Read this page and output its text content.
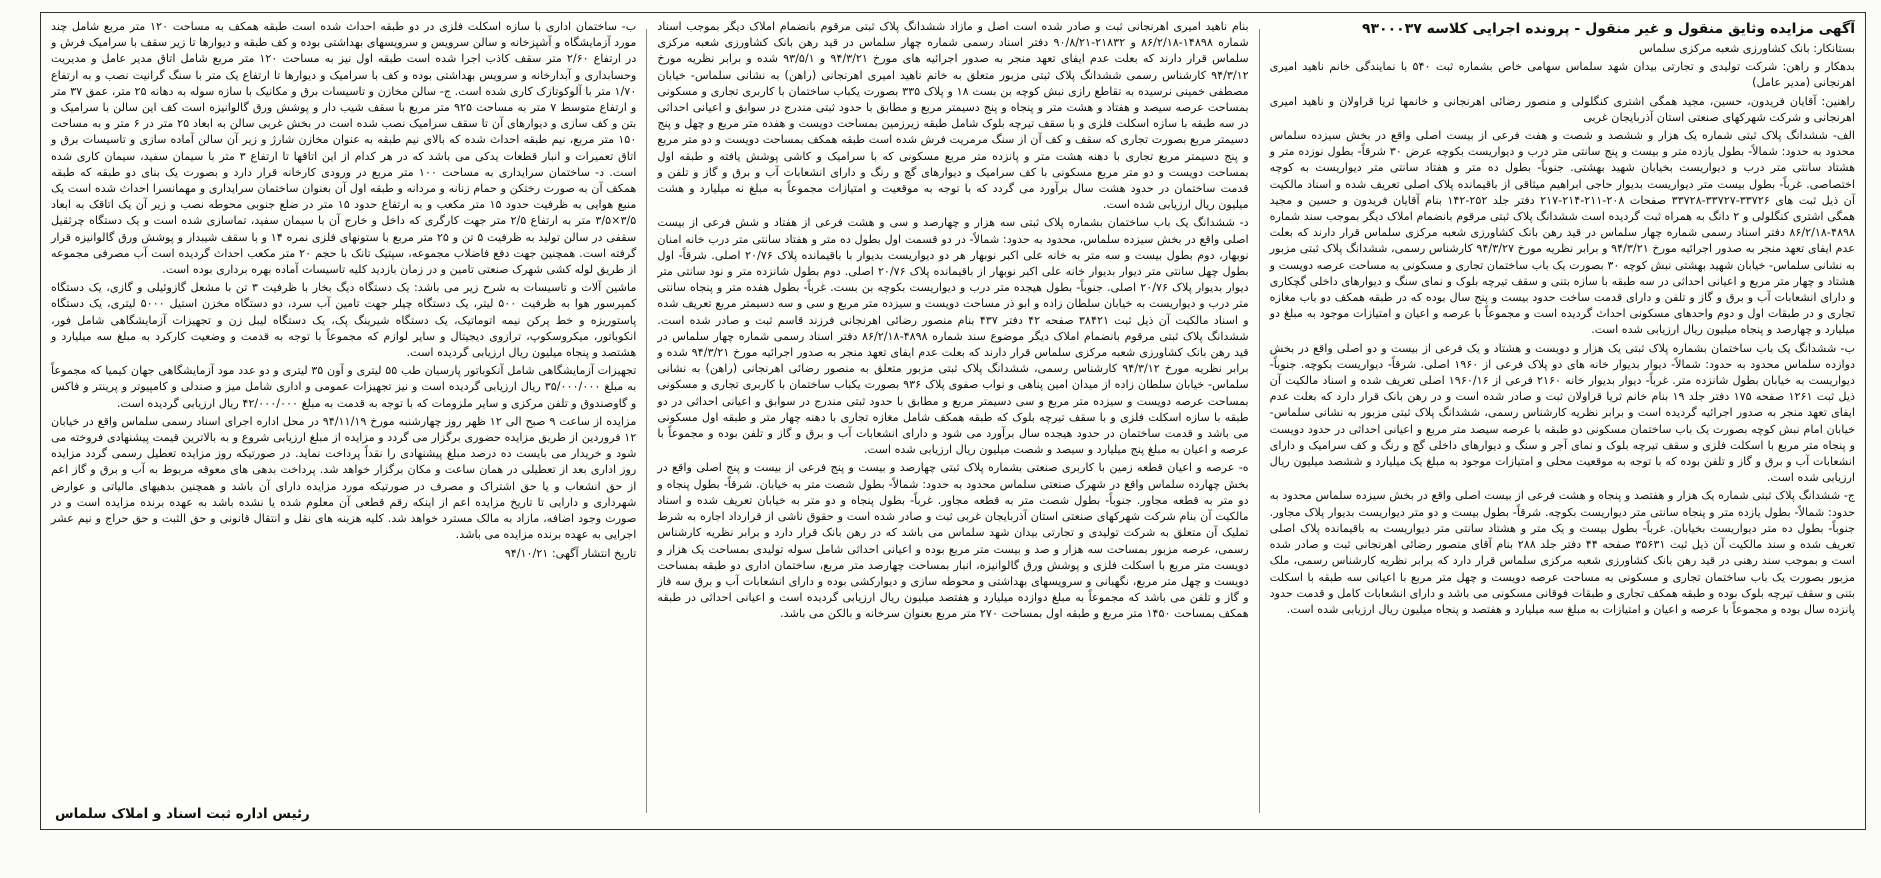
آگهی مزایده وثایق منقول و غیر منقول - پرونده اجرایی کلاسه ۹۳۰۰۰۳۷

بستانکار: بانک کشاورزی شعبه مرکزی سلماس

بدهکار و راهن: شرکت تولیدی و تجارتی بیدان شهد سلماس سهامی خاص بشماره ثبت ۵۴۰ با نمایندگی خانم ناهید امیری اهرنجانی (مدیر عامل)

راهنین: آقایان فریدون، حسین، مجید همگی اشتری کنگلولی و منصور رضائی اهرنجانی و خانمها ثریا قراولان و ناهید امیری اهرنجانی و شرکت شهرکهای صنعتی استان آذربایجان غربی

الف- ششدانگ پلاک ثبتی شماره یک هزار و ششصد و شصت و هفت فرعی از بیست اصلی واقع در بخش سیزده سلماس محدود به حدود: شمالاً- بطول یازده متر و بیست و پنج سانتی متر درب و دیواریست بکوچه عرض ۳۰ شرقاً- بطول نوزده متر و هشتاد سانتی متر درب و دیواریست بخیابان شهید بهشتی. جنوباً- بطول ده متر و هفتاد سانتی متر دیواریست به کوچه اختصاصی. غرباً- بطول بیست متر دیواریست بدیوار حاجی ابراهیم میثاقی از باقیمانده پلاک اصلی تعریف شده و اسناد مالکیت آن ذیل ثبت های ۳۳۷۲۶-۳۳۷۲۷-۳۳۷۲۸ صفحات ۲۰۸-۲۱۱-۲۱۴-۲۱۷ دفتر جلد ۲۵۲-۱۴۲ بنام آقایان فریدون و حسین و مجید همگی اشتری کنگلولی و ۲ دانگ به همراه ثبت گردیده است ششدانگ پلاک ثبتی مرقوم بانضمام املاک دیگر بموجب سند شماره ۴۸۹۸-۸۶/۲/۱۸ دفتر اسناد رسمی شماره چهار سلماس در قید رهن بانک کشاورزی شعبه مرکزی سلماس قرار دارند که بعلت عدم ایفای تعهد منجر به صدور اجرائیه مورخ ۹۴/۳/۲۱ و برابر نظریه مورخ ۹۴/۳/۲۷ کارشناس رسمی، ششدانگ پلاک ثبتی مزبور به نشانی سلماس- خیابان شهید بهشتی نبش کوچه ۳۰ بصورت یک باب ساختمان تجاری و مسکونی به مساحت عرصه دویست و هشتاد و چهار متر مربع و اعیانی احداثی در سه طبقه با سازه بتنی و سقف تیرچه بلوک و نمای سنگ و دیوارهای داخلی گچکاری و دارای انشعابات آب و برق و گاز و تلفن و دارای قدمت ساخت حدود بیست و پنج سال بوده که در طبقه همکف دو باب مغازه تجاری و در طبقات اول و دوم واحدهای مسکونی احداث گردیده است و مجموعاً با عرصه و اعیان و امتیازات موجود به مبلغ دو میلیارد و چهارصد و پنجاه میلیون ریال ارزیابی شده است.

ب- ششدانگ یک باب ساختمان بشماره پلاک ثبتی یک هزار و دویست و هشتاد و یک فرعی از بیست و دو اصلی واقع در بخش دوازده سلماس محدود به حدود: شمالاً- دیوار بدیوار خانه های دو پلاک فرعی از ۱۹۶۰ اصلی. شرقاً- دیواریست بکوچه. جنوباً- دیواریست به خیابان بطول شانزده متر. غرباً- دیوار بدیوار خانه ۲۱۶۰ فرعی از ۱۹۶۰/۱۶ اصلی تعریف شده و اسناد مالکیت آن ذیل ثبت ۱۲۶۱ صفحه ۱۷۵ دفتر جلد ۱۹ بنام خانم ثریا قراولان ثبت و صادر شده است و در رهن بانک قرار دارد که بعلت عدم ایفای تعهد منجر به صدور اجرائیه گردیده است و برابر نظریه کارشناس رسمی، ششدانگ پلاک ثبتی مزبور به نشانی سلماس- خیابان امام نبش کوچه بصورت یک باب ساختمان مسکونی دو طبقه با عرصه سیصد متر مربع و اعیانی احداثی در حدود دویست و پنجاه متر مربع با اسکلت فلزی و سقف تیرچه بلوک و نمای آجر و سنگ و دیوارهای داخلی گچ و رنگ و کف سرامیک و دارای انشعابات آب و برق و گاز و تلفن بوده که با توجه به موقعیت محلی و امتیازات موجود به مبلغ یک میلیارد و ششصد میلیون ریال ارزیابی شده است.

ج- ششدانگ پلاک ثبتی شماره یک هزار و هفتصد و پنجاه و هشت فرعی از بیست اصلی واقع در بخش سیزده سلماس محدود به حدود: شمالاً- بطول یازده متر و پنجاه سانتی متر دیواریست بکوچه. شرقاً- بطول بیست و دو متر دیواریست بدیوار پلاک مجاور. جنوباً- بطول ده متر دیواریست بخیابان. غرباً- بطول بیست و یک متر و هشتاد سانتی متر دیواریست به باقیمانده پلاک اصلی تعریف شده و سند مالکیت آن ذیل ثبت ۳۵۶۳۱ صفحه ۴۴ دفتر جلد ۲۸۸ بنام آقای منصور رضائی اهرنجانی ثبت و صادر شده است و بموجب سند رهنی در قید رهن بانک کشاورزی شعبه مرکزی سلماس قرار دارد که برابر نظریه کارشناس رسمی، ملک مزبور بصورت یک باب ساختمان تجاری و مسکونی به مساحت عرصه دویست و چهل متر مربع با اعیانی سه طبقه با اسکلت بتنی و سقف تیرچه بلوک بوده و طبقه همکف تجاری و طبقات فوقانی مسکونی می باشد و دارای انشعابات کامل و قدمت حدود پانزده سال بوده و مجموعاً با عرصه و اعیان و امتیازات به مبلغ سه میلیارد و هفتصد و پنجاه میلیون ریال ارزیابی شده است.

بنام ناهید امیری اهرنجانی ثبت و صادر شده است اصل و مازاد ششدانگ پلاک ثبتی مرقوم بانضمام املاک دیگر بموجب اسناد شماره ۱۴۸۹۸-۸۶/۲/۱۸ و ۲۱۸۳۲-۹۰/۸/۲۱ دفتر اسناد رسمی شماره چهار سلماس در قید رهن بانک کشاورزی شعبه مرکزی سلماس قرار دارند که بعلت عدم ایفای تعهد منجر به صدور اجرائیه های مورخ ۹۴/۳/۲۱ و ۹۳/۵/۱ شده و برابر نظریه مورخ ۹۴/۳/۱۲ کارشناس رسمی ششدانگ پلاک ثبتی مزبور متعلق به خانم ناهید امیری اهرنجانی (راهن) به نشانی سلماس- خیابان مصطفی خمینی نرسیده به تقاطع رازی نبش کوچه بن بست ۱۸ و پلاک ۳۳۵ بصورت یکباب ساختمان با کاربری تجاری و مسکونی بمساحت عرصه سیصد و هفتاد و هشت متر و پنجاه و پنج دسیمتر مربع و مطابق با حدود ثبتی مندرج در سوابق و اعیانی احداثی در سه طبقه با سازه اسکلت فلزی و با سقف تیرچه بلوک شامل طبقه زیرزمین بمساحت دویست و هفده متر مربع و چهل و پنج دسیمتر مربع بصورت تجاری که سقف و کف آن از سنگ مرمریت فرش شده است طبقه همکف بمساحت دویست و دو متر مربع و پنج دسیمتر مربع تجاری با دهنه هشت متر و پانزده متر مربع مسکونی که با سرامیک و کاشی پوشش یافته و طبقه اول بمساحت دویست و دو متر مربع مسکونی با کف سرامیک و دیوارهای گچ و رنگ و دارای انشعابات آب و برق و گاز و تلفن و قدمت ساختمان در حدود هشت سال برآورد می گردد که با توجه به موقعیت و امتیازات مجموعاً به مبلغ نه میلیارد و هشت میلیون ریال ارزیابی شده است.

د- ششدانگ یک باب ساختمان بشماره پلاک ثبتی سه هزار و چهارصد و سی و هشت فرعی از هفتاد و شش فرعی از بیست اصلی واقع در بخش سیزده سلماس، محدود به حدود: شمالاً- در دو قسمت اول بطول ده متر و هفتاد سانتی متر درب خانه امنان نوبهار، دوم بطول بیست و سه متر به خانه علی اکبر نوبهار هر دو دیواریست بدیوار با باقیمانده پلاک ۲۰/۷۶ اصلی. شرقاً- اول بطول چهل سانتی متر دیوار بدیوار خانه علی اکبر نوبهار از باقیمانده پلاک ۲۰/۷۶ اصلی. دوم بطول شانزده متر و نود سانتی متر دیوار بدیوار پلاک ۲۰/۷۶ اصلی. جنوباً- بطول هیجده متر درب و دیواریست بکوچه بن بست. غرباً- بطول هفده متر و پنجاه سانتی متر درب و دیواریست به خیابان سلطان زاده و ابو ذر مساحت دویست و سیزده متر مربع و سی و سه دسیمتر مربع تعریف شده و اسناد مالکیت آن ذیل ثبت ۳۸۴۲۱ صفحه ۴۲ دفتر ۴۳۷ بنام منصور رضائی اهرنجانی فرزند قاسم ثبت و صادر شده است. ششدانگ پلاک ثبتی مرقوم بانضمام املاک دیگر موضوع سند شماره ۴۸۹۸-۸۶/۲/۱۸ دفتر اسناد رسمی شماره چهار سلماس در قید رهن بانک کشاورزی شعبه مرکزی سلماس قرار دارند که بعلت عدم ایفای تعهد منجر به صدور اجرائیه مورخ ۹۴/۳/۲۱ شده و برابر نظریه مورخ ۹۴/۳/۱۲ کارشناس رسمی، ششدانگ پلاک ثبتی مزبور متعلق به منصور رضائی اهرنجانی (راهن) به نشانی سلماس- خیابان سلطان زاده از میدان امین پناهی و نواب صفوی پلاک ۹۳۶ بصورت یکباب ساختمان با کاربری تجاری و مسکونی بمساحت عرصه دویست و سیزده متر مربع و سی دسیمتر مربع و مطابق با حدود ثبتی مندرج در سوابق و اعیانی احداثی در دو طبقه با سازه اسکلت فلزی و با سقف تیرچه بلوک که طبقه همکف شامل مغازه تجاری با دهنه چهار متر و طبقه اول مسکونی می باشد و قدمت ساختمان در حدود هیجده سال برآورد می شود و دارای انشعابات آب و برق و گاز و تلفن بوده و مجموعاً با عرصه و اعیان به مبلغ پنج میلیارد و سیصد و شصت میلیون ریال ارزیابی شده است.

ه- عرصه و اعیان قطعه زمین با کاربری صنعتی بشماره پلاک ثبتی چهارصد و بیست و پنج فرعی از بیست و پنج اصلی واقع در بخش چهارده سلماس واقع در شهرک صنعتی سلماس محدود به حدود: شمالاً- بطول شصت متر به خیابان. شرقاً- بطول پنجاه و دو متر به قطعه مجاور. جنوباً- بطول شصت متر به قطعه مجاور. غرباً- بطول پنجاه و دو متر به خیابان تعریف شده و اسناد مالکیت آن بنام شرکت شهرکهای صنعتی استان آذربایجان غربی ثبت و صادر شده است و حقوق ناشی از قرارداد اجاره به شرط تملیک آن متعلق به شرکت تولیدی و تجارتی بیدان شهد سلماس می باشد که در رهن بانک قرار دارد و برابر نظریه کارشناس رسمی، عرصه مزبور بمساحت سه هزار و صد و بیست متر مربع بوده و اعیانی احداثی شامل سوله تولیدی بمساحت یک هزار و دویست متر مربع با اسکلت فلزی و پوشش ورق گالوانیزه، انبار بمساحت چهارصد متر مربع، ساختمان اداری دو طبقه بمساحت دویست و چهل متر مربع، نگهبانی و سرویسهای بهداشتی و محوطه سازی و دیوارکشی بوده و دارای انشعابات آب و برق سه فاز و گاز و تلفن می باشد که مجموعاً به مبلغ دوازده میلیارد و هفتصد میلیون ریال ارزیابی گردیده است و اعیانی احداثی در طبقه همکف بمساحت ۱۴۵۰ متر مربع و طبقه اول بمساحت ۲۷۰ متر مربع بعنوان سرخانه و بالکن می باشد.

ب- ساختمان اداری با سازه اسکلت فلزی در دو طبقه احداث شده است طبقه همکف به مساحت ۱۲۰ متر مربع شامل چند مورد آزمایشگاه و آشپزخانه و سالن سرویس و سرویسهای بهداشتی بوده و کف طبقه و دیوارها تا زیر سقف با سرامیک فرش و در ارتفاع ۲/۶۰ متر سقف کاذب اجرا شده است طبقه اول نیز به مساحت ۱۲۰ متر مربع شامل اتاق مدیر عامل و مدیریت وحسابداری و آبدارخانه و سرویس بهداشتی بوده و کف با سرامیک و دیوارها تا ارتفاع یک متر با سنگ گرانیت نصب و به ارتفاع ۱/۷۰ متر با آلوکوتازک کاری شده است. ج- سالن مخازن و تاسیسات برق و مکانیک با سازه سوله به دهانه ۲۵ متر، عمق ۳۷ متر و ارتفاع متوسط ۷ متر به مساحت ۹۲۵ متر مربع با سقف شیب دار و پوشش ورق گالوانیزه است کف این سالن با سرامیک و بتن و کف سازی و دیوارهای آن تا سقف سرامیک نصب شده است در بخش غربی سالن به ابعاد ۲۵ متر در ۶ متر و به مساحت ۱۵۰ متر مربع، نیم طبقه احداث شده که بالای نیم طبقه به عنوان مخازن شارژ و زیر آن سالن آماده سازی و تاسیسات برق و اتاق تعمیرات و انبار قطعات یدکی می باشد که در هر کدام از این اتاقها تا ارتفاع ۳ متر با سیمان سفید، سیمان کاری شده است. د- ساختمان سرایداری به مساحت ۱۰۰ متر مربع در ورودی کارخانه قرار دارد و بصورت یک بنای دو طبقه که طبقه همکف آن به صورت رختکن و حمام زنانه و مردانه و طبقه اول آن بعنوان ساختمان سرایداری و مهمانسرا احداث شده است یک منبع هوایی به ظرفیت حدود ۱۵ متر مکعب و به ارتفاع حدود ۱۵ متر در ضلع جنوبی محوطه نصب و زیر آن یک اتاقک به ابعاد ۳/۵×۳/۵ متر به ارتفاع ۲/۵ متر جهت کارگری که داخل و خارج آن با سیمان سفید، تماسازی شده است و یک دستگاه چرثقیل سقفی در سالن تولید به ظرفیت ۵ تن و ۲۵ متر مربع با ستونهای فلزی نمره ۱۴ و با سقف شیبدار و پوشش ورق گالوانیزه قرار گرفته است. همچنین جهت دفع فاضلاب مجموعه، سپتیک تانک با حجم ۲۰ متر مکعب احداث گردیده است آب مصرفی مجموعه از طریق لوله کشی شهرک صنعتی تامین و در زمان بازدید کلیه تاسیسات آماده بهره برداری بوده است.

ماشین آلات و تاسیسات به شرح زیر می باشد: یک دستگاه دیگ بخار با ظرفیت ۳ تن با مشعل گازوئیلی و گازی، یک دستگاه کمپرسور هوا به ظرفیت ۵۰۰ لیتر، یک دستگاه چیلر جهت تامین آب سرد، دو دستگاه مخزن استیل ۵۰۰۰ لیتری، یک دستگاه پاستوریزه و خط پرکن نیمه اتوماتیک، یک دستگاه شیرینگ پک، یک دستگاه لیبل زن و تجهیزات آزمایشگاهی شامل فور، انکوباتور، میکروسکوپ، ترازوی دیجیتال و سایر لوازم که مجموعاً با توجه به قدمت و وضعیت کارکرد به مبلغ سه میلیارد و هشتصد و پنجاه میلیون ریال ارزیابی گردیده است.

تجهیزات آزمایشگاهی شامل آنکوباتور پارسیان طب ۵۵ لیتری و آون ۳۵ لیتری و دو عدد مود آزمایشگاهی جهان کیمیا که مجموعاً به مبلغ ۳۵/۰۰۰/۰۰۰ ریال ارزیابی گردیده است و نیز تجهیزات عمومی و اداری شامل میز و صندلی و کامپیوتر و پرینتر و فاکس و گاوصندوق و تلفن مرکزی و سایر ملزومات که با توجه به قدمت به مبلغ ۴۲/۰۰۰/۰۰۰ ریال ارزیابی گردیده است.

مزایده از ساعت ۹ صبح الی ۱۲ ظهر روز چهارشنبه مورخ ۹۴/۱۱/۱۹ در محل اداره اجرای اسناد رسمی سلماس واقع در خیابان ۱۲ فروردین از طریق مزایده حضوری برگزار می گردد و مزایده از مبلغ ارزیابی شروع و به بالاترین قیمت پیشنهادی فروخته می شود و خریدار می بایست ده درصد مبلغ پیشنهادی را نقداً پرداخت نماید. در صورتیکه روز مزایده تعطیل رسمی گردد مزایده روز اداری بعد از تعطیلی در همان ساعت و مکان برگزار خواهد شد. پرداخت بدهی های معوقه مربوط به آب و برق و گاز اعم از حق انشعاب و یا حق اشتراک و مصرف در صورتیکه مورد مزایده دارای آن باشد و همچنین بدهیهای مالیاتی و عوارض شهرداری و دارایی تا تاریخ مزایده اعم از اینکه رقم قطعی آن معلوم شده یا نشده باشد به عهده برنده مزایده است و در صورت وجود اضافه، مازاد به مالک مسترد خواهد شد. کلیه هزینه های نقل و انتقال قانونی و حق الثبت و حق حراج و نیم عشر اجرایی به عهده برنده مزایده می باشد.

تاریخ انتشار آگهی: ۹۴/۱۰/۲۱
رئیس اداره ثبت اسناد و املاک سلماس
